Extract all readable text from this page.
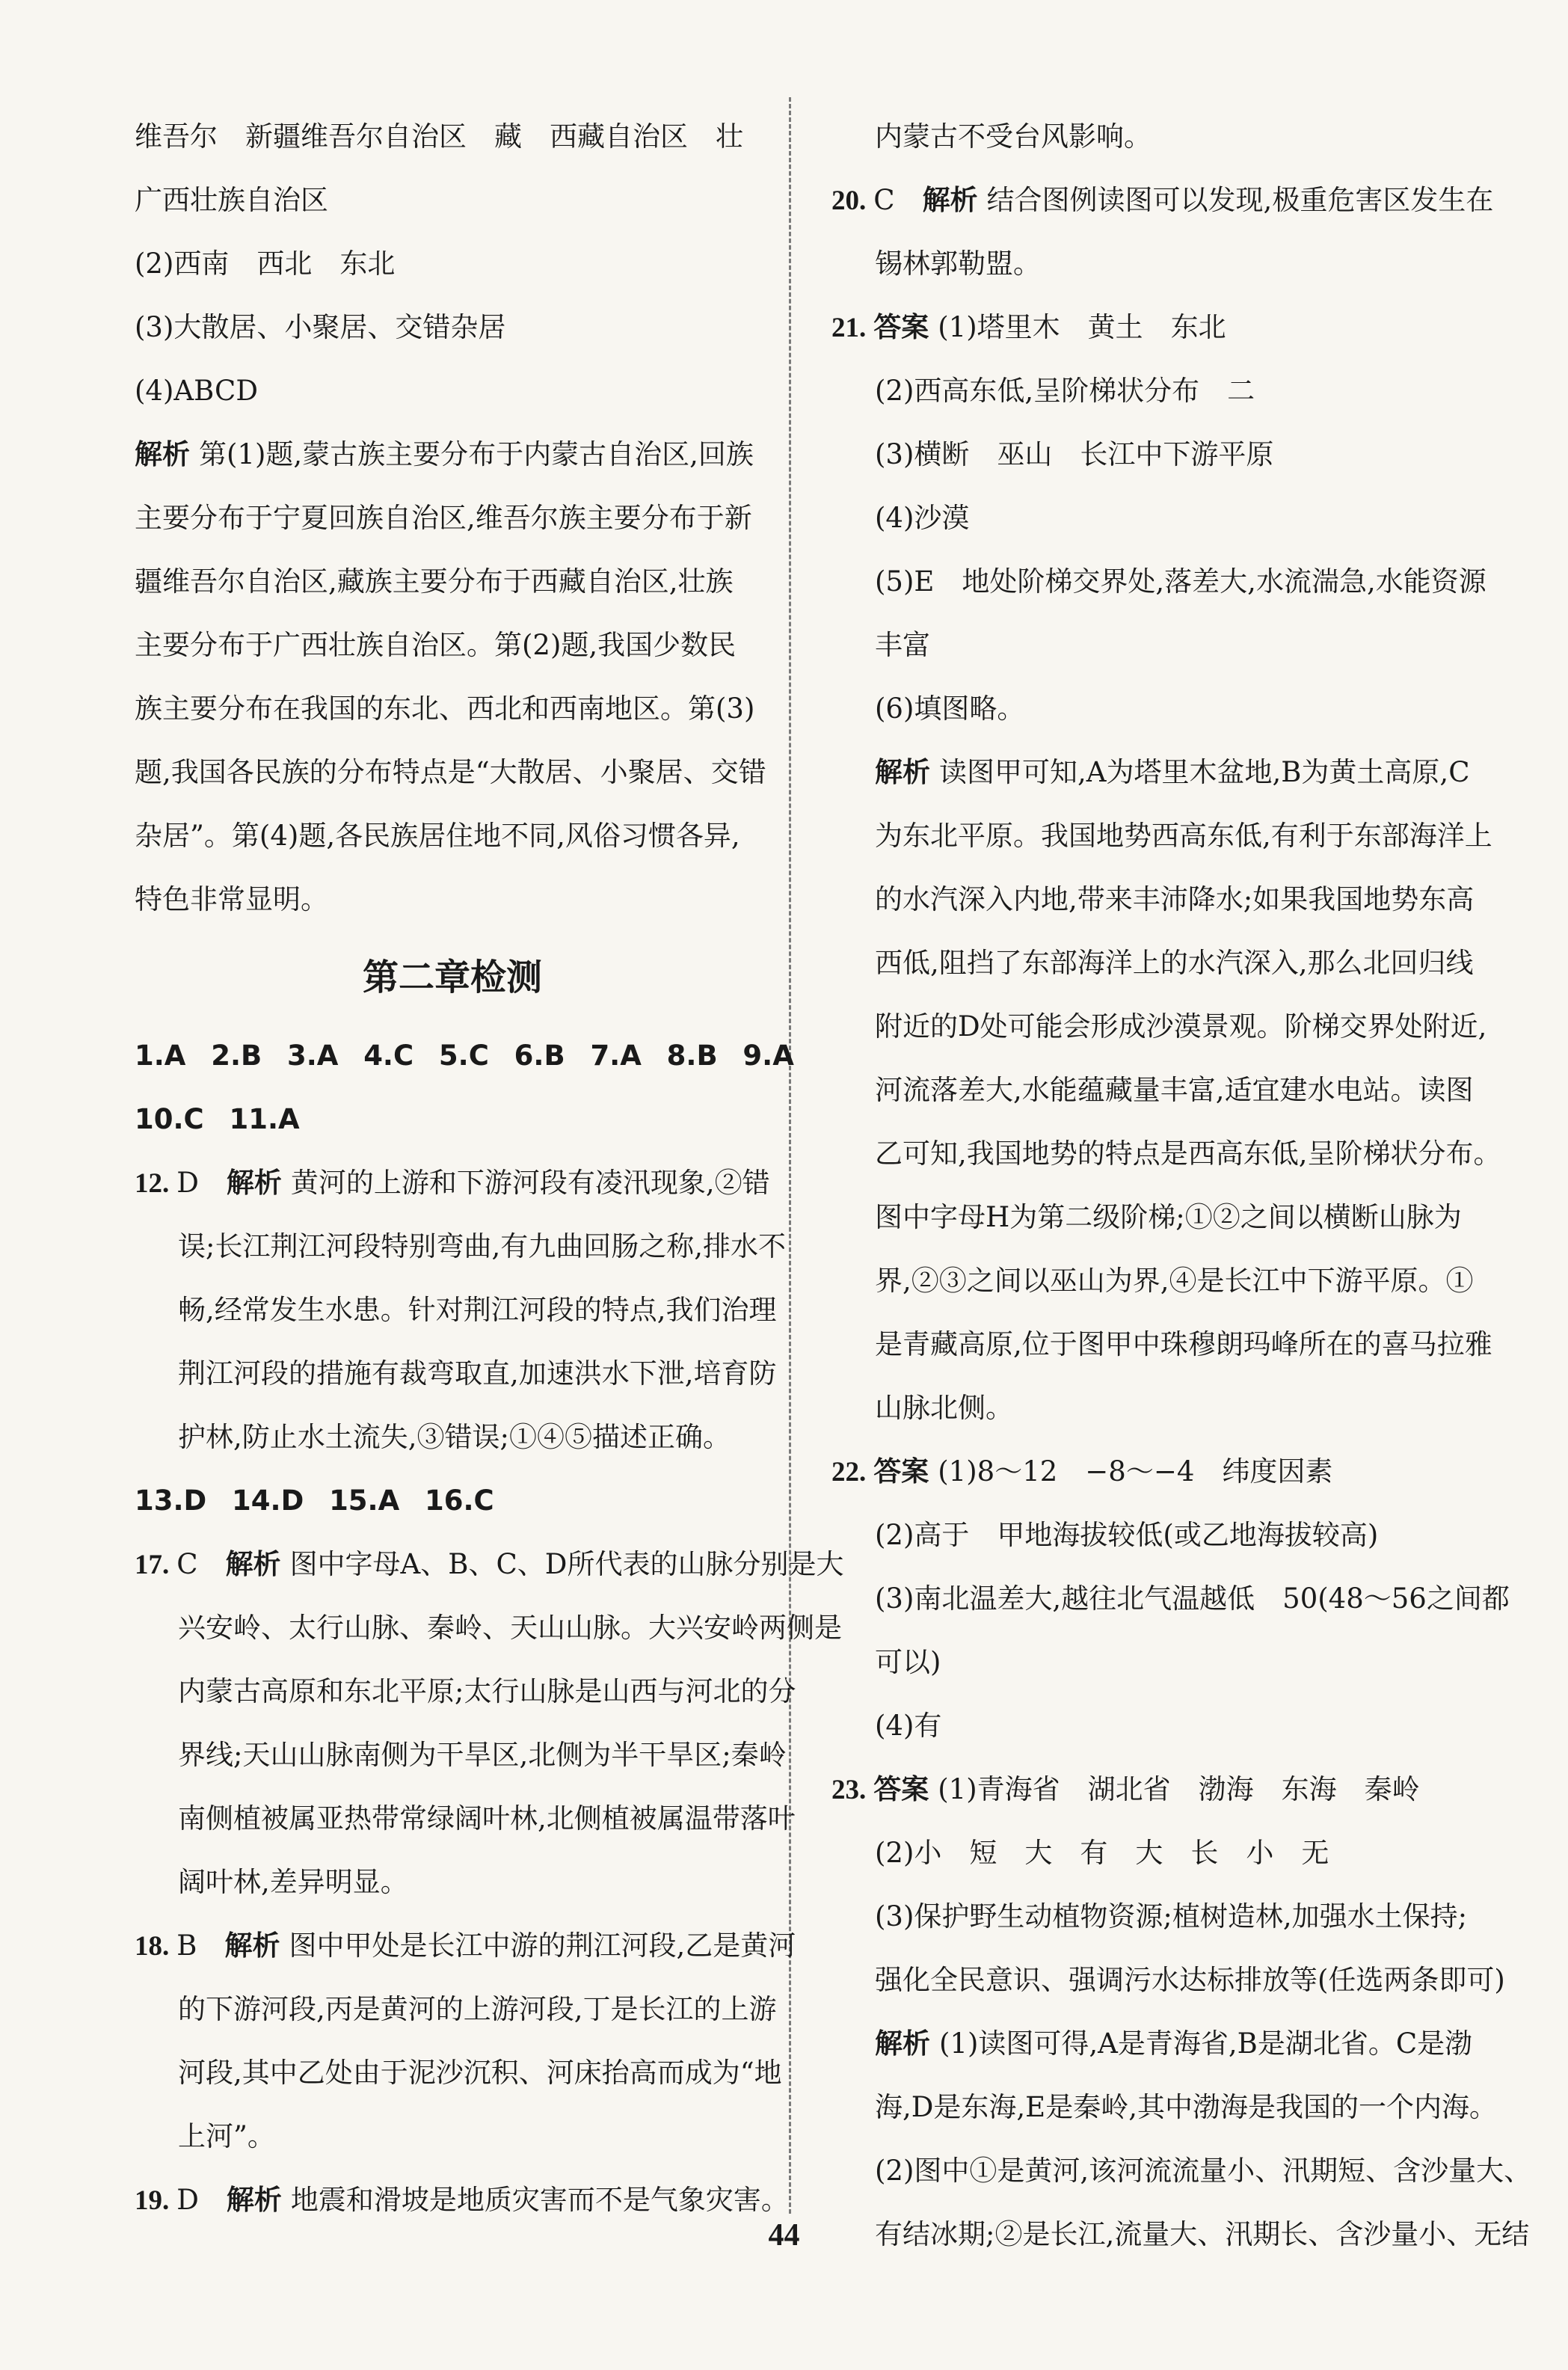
维吾尔　新疆维吾尔自治区　藏　西藏自治区　壮
广西壮族自治区
(2)西南　西北　东北
(3)大散居、小聚居、交错杂居
(4)ABCD
解析 第(1)题,蒙古族主要分布于内蒙古自治区,回族
主要分布于宁夏回族自治区,维吾尔族主要分布于新
疆维吾尔自治区,藏族主要分布于西藏自治区,壮族
主要分布于广西壮族自治区。第(2)题,我国少数民
族主要分布在我国的东北、西北和西南地区。第(3)
题,我国各民族的分布特点是“大散居、小聚居、交错
杂居”。第(4)题,各民族居住地不同,风俗习惯各异,
特色非常显明。
第二章检测
1.A 2.B 3.A 4.C 5.C 6.B 7.A 8.B 9.A
10.C 11.A
12. D　 解析 黄河的上游和下游河段有凌汛现象,②错
误;长江荆江河段特别弯曲,有九曲回肠之称,排水不
畅,经常发生水患。针对荆江河段的特点,我们治理
荆江河段的措施有裁弯取直,加速洪水下泄,培育防
护林,防止水土流失,③错误;①④⑤描述正确。
13.D 14.D 15.A 16.C
17. C　 解析 图中字母A、B、C、D所代表的山脉分别是大
兴安岭、太行山脉、秦岭、天山山脉。大兴安岭两侧是
内蒙古高原和东北平原;太行山脉是山西与河北的分
界线;天山山脉南侧为干旱区,北侧为半干旱区;秦岭
南侧植被属亚热带常绿阔叶林,北侧植被属温带落叶
阔叶林,差异明显。
18. B　 解析 图中甲处是长江中游的荆江河段,乙是黄河
的下游河段,丙是黄河的上游河段,丁是长江的上游
河段,其中乙处由于泥沙沉积、河床抬高而成为“地
上河”。
19. D　 解析 地震和滑坡是地质灾害而不是气象灾害。
内蒙古不受台风影响。
20. C　 解析 结合图例读图可以发现,极重危害区发生在
锡林郭勒盟。
21. 答案 (1)塔里木　黄土　东北
(2)西高东低,呈阶梯状分布　二
(3)横断　巫山　长江中下游平原
(4)沙漠
(5)E　地处阶梯交界处,落差大,水流湍急,水能资源
丰富
(6)填图略。
解析 读图甲可知,A为塔里木盆地,B为黄土高原,C
为东北平原。我国地势西高东低,有利于东部海洋上
的水汽深入内地,带来丰沛降水;如果我国地势东高
西低,阻挡了东部海洋上的水汽深入,那么北回归线
附近的D处可能会形成沙漠景观。阶梯交界处附近,
河流落差大,水能蕴藏量丰富,适宜建水电站。读图
乙可知,我国地势的特点是西高东低,呈阶梯状分布。
图中字母H为第二级阶梯;①②之间以横断山脉为
界,②③之间以巫山为界,④是长江中下游平原。①
是青藏高原,位于图甲中珠穆朗玛峰所在的喜马拉雅
山脉北侧。
22. 答案 (1)8～12　−8～−4　纬度因素
(2)高于　甲地海拔较低(或乙地海拔较高)
(3)南北温差大,越往北气温越低　50(48～56之间都
可以)
(4)有
23. 答案 (1)青海省　湖北省　渤海　东海　秦岭
(2)小　短　大　有　大　长　小　无
(3)保护野生动植物资源;植树造林,加强水土保持;
强化全民意识、强调污水达标排放等(任选两条即可)
解析 (1)读图可得,A是青海省,B是湖北省。C是渤
海,D是东海,E是秦岭,其中渤海是我国的一个内海。
(2)图中①是黄河,该河流流量小、汛期短、含沙量大、
有结冰期;②是长江,流量大、汛期长、含沙量小、无结
44
